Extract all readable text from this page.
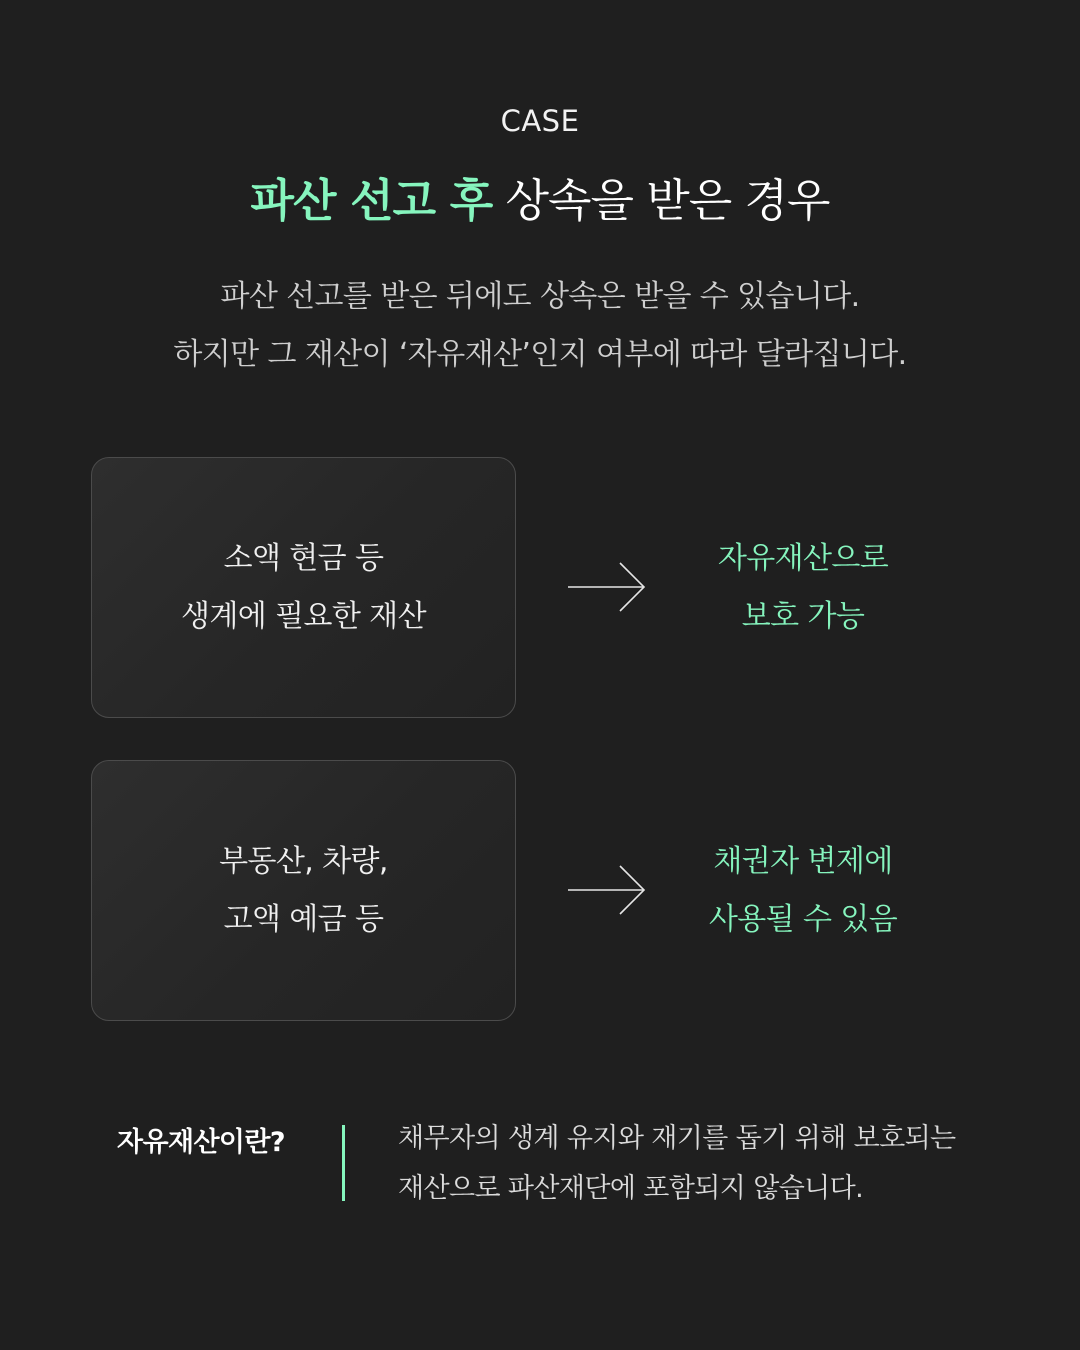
CASE
파산 선고 후 상속을 받은 경우

파산 선고를 받은 뒤에도 상속은 받을 수 있습니다.

하지만 그 재산이 ‘자유재산’인지 여부에 따라 달라집니다.

소액 현금 등

생계에 필요한 재산

자유재산으로

보호 가능

부동산, 차량,

고액 예금 등

채권자 변제에

사용될 수 있음

자유재산이란?	채무자의 생계 유지와 재기를 돕기 위해 보호되는

재산으로 파산재단에 포함되지 않습니다.
